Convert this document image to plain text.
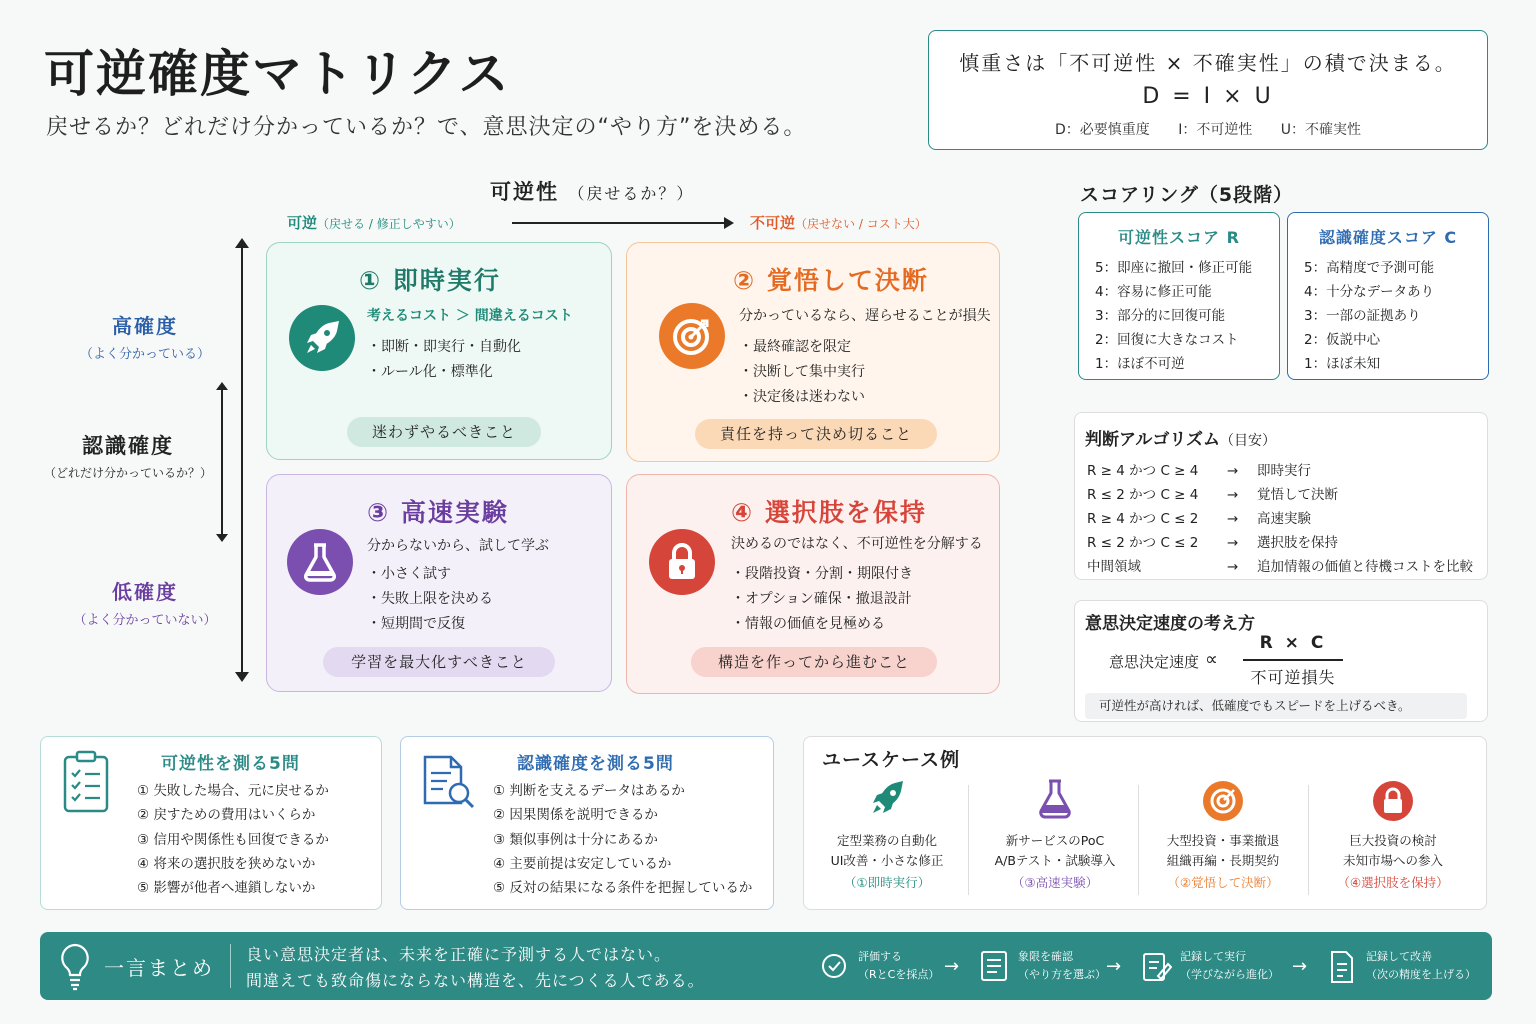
可逆確度マトリクス
戻せるか？どれだけ分かっているか？で、意思決定の“やり方”を決める。
慎重さは「不可逆性 × 不確実性」の積で決まる。
D = I × U
D：必要慎重度　 I：不可逆性　 U：不確実性
可逆性 （戻せるか？）
可逆（戻せる / 修正しやすい）	不可逆（戻せない / コスト大）
高確度
（よく分かっている）
認識確度
（どれだけ分かっているか？）
低確度
（よく分かっていない）
① 即時実行
考えるコスト ＞ 間違えるコスト
・即断・即実行・自動化
・ルール化・標準化
迷わずやるべきこと
② 覚悟して決断
分かっているなら、遅らせることが損失
・最終確認を限定
・決断して集中実行
・決定後は迷わない
責任を持って決め切ること
③ 高速実験
分からないから、試して学ぶ
・小さく試す
・失敗上限を決める
・短期間で反復
学習を最大化すべきこと
④ 選択肢を保持
決めるのではなく、不可逆性を分解する
・段階投資・分割・期限付き
・オプション確保・撤退設計
・情報の価値を見極める
構造を作ってから進むこと
スコアリング（5段階）
可逆性スコア R
5：即座に撤回・修正可能
4：容易に修正可能
3：部分的に回復可能
2：回復に大きなコスト
1：ほぼ不可逆
認識確度スコア C
5：高精度で予測可能
4：十分なデータあり
3：一部の証拠あり
2：仮説中心
1：ほぼ未知
判断アルゴリズム（目安）
R ≥ 4 かつ C ≥ 4 → 即時実行
R ≤ 2 かつ C ≥ 4 → 覚悟して決断
R ≥ 4 かつ C ≤ 2 → 高速実験
R ≤ 2 かつ C ≤ 2 → 選択肢を保持
中間領域	→ 追加情報の価値と待機コストを比較
意思決定速度の考え方
意思決定速度 ∝
R × C
不可逆損失
可逆性が高ければ、低確度でもスピードを上げるべき。
可逆性を測る5問
① 失敗した場合、元に戻せるか
② 戻すための費用はいくらか
③ 信用や関係性も回復できるか
④ 将来の選択肢を狭めないか
⑤ 影響が他者へ連鎖しないか
認識確度を測る5問
① 判断を支えるデータはあるか
② 因果関係を説明できるか
③ 類似事例は十分にあるか
④ 主要前提は安定しているか
⑤ 反対の結果になる条件を把握しているか
ユースケース例
定型業務の自動化
UI改善・小さな修正
（①即時実行）
新サービスのPoC
A/Bテスト・試験導入
（③高速実験）
大型投資・事業撤退
組織再編・長期契約
（②覚悟して決断）
巨大投資の検討
未知市場への参入
（④選択肢を保持）
一言まとめ
良い意思決定者は、未来を正確に予測する人ではない。
間違えても致命傷にならない構造を、先につくる人である。
評価する
（RとCを採点） →	象限を確認
（やり方を選ぶ） →	記録して実行
（学びながら進化） →	記録して改善
（次の精度を上げる）
